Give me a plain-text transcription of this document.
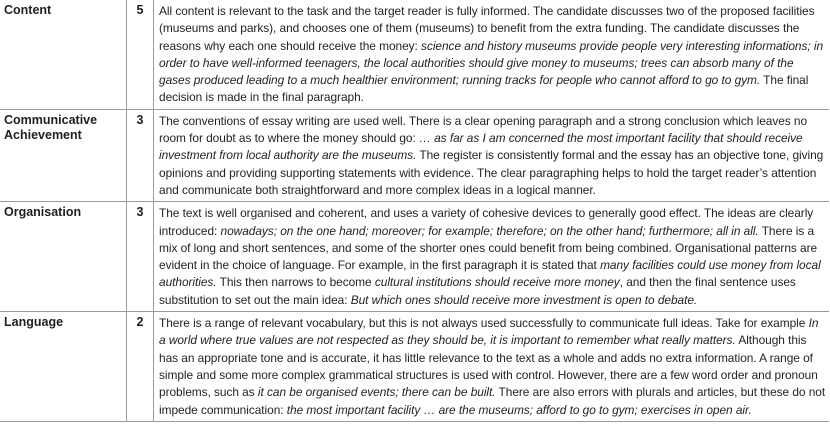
Content	5	All content is relevant to the task and the target reader is fully informed. The candidate discusses two of the proposed facilities (museums and parks), and chooses one of them (museums) to benefit from the extra funding. The candidate discusses the reasons why each one should receive the money: science and history museums provide people very interesting informations; in order to have well-informed teenagers, the local authorities should give money to museums; trees can absorb many of the gases produced leading to a much healthier environment; running tracks for people who cannot afford to go to gym. The final decision is made in the final paragraph.
Communicative Achievement	3	The conventions of essay writing are used well. There is a clear opening paragraph and a strong conclusion which leaves no room for doubt as to where the money should go: … as far as I am concerned the most important facility that should receive investment from local authority are the museums. The register is consistently formal and the essay has an objective tone, giving opinions and providing supporting statements with evidence. The clear paragraphing helps to hold the target reader’s attention and communicate both straightforward and more complex ideas in a logical manner.
Organisation	3	The text is well organised and coherent, and uses a variety of cohesive devices to generally good effect. The ideas are clearly introduced: nowadays; on the one hand; moreover; for example; therefore; on the other hand; furthermore; all in all. There is a mix of long and short sentences, and some of the shorter ones could benefit from being combined. Organisational patterns are evident in the choice of language. For example, in the first paragraph it is stated that many facilities could use money from local authorities. This then narrows to become cultural institutions should receive more money, and then the final sentence uses substitution to set out the main idea: But which ones should receive more investment is open to debate.
Language	2	There is a range of relevant vocabulary, but this is not always used successfully to communicate full ideas. Take for example In a world where true values are not respected as they should be, it is important to remember what really matters. Although this has an appropriate tone and is accurate, it has little relevance to the text as a whole and adds no extra information. A range of simple and some more complex grammatical structures is used with control. However, there are a few word order and pronoun problems, such as it can be organised events; there can be built. There are also errors with plurals and articles, but these do not impede communication: the most important facility … are the museums; afford to go to gym; exercises in open air.
